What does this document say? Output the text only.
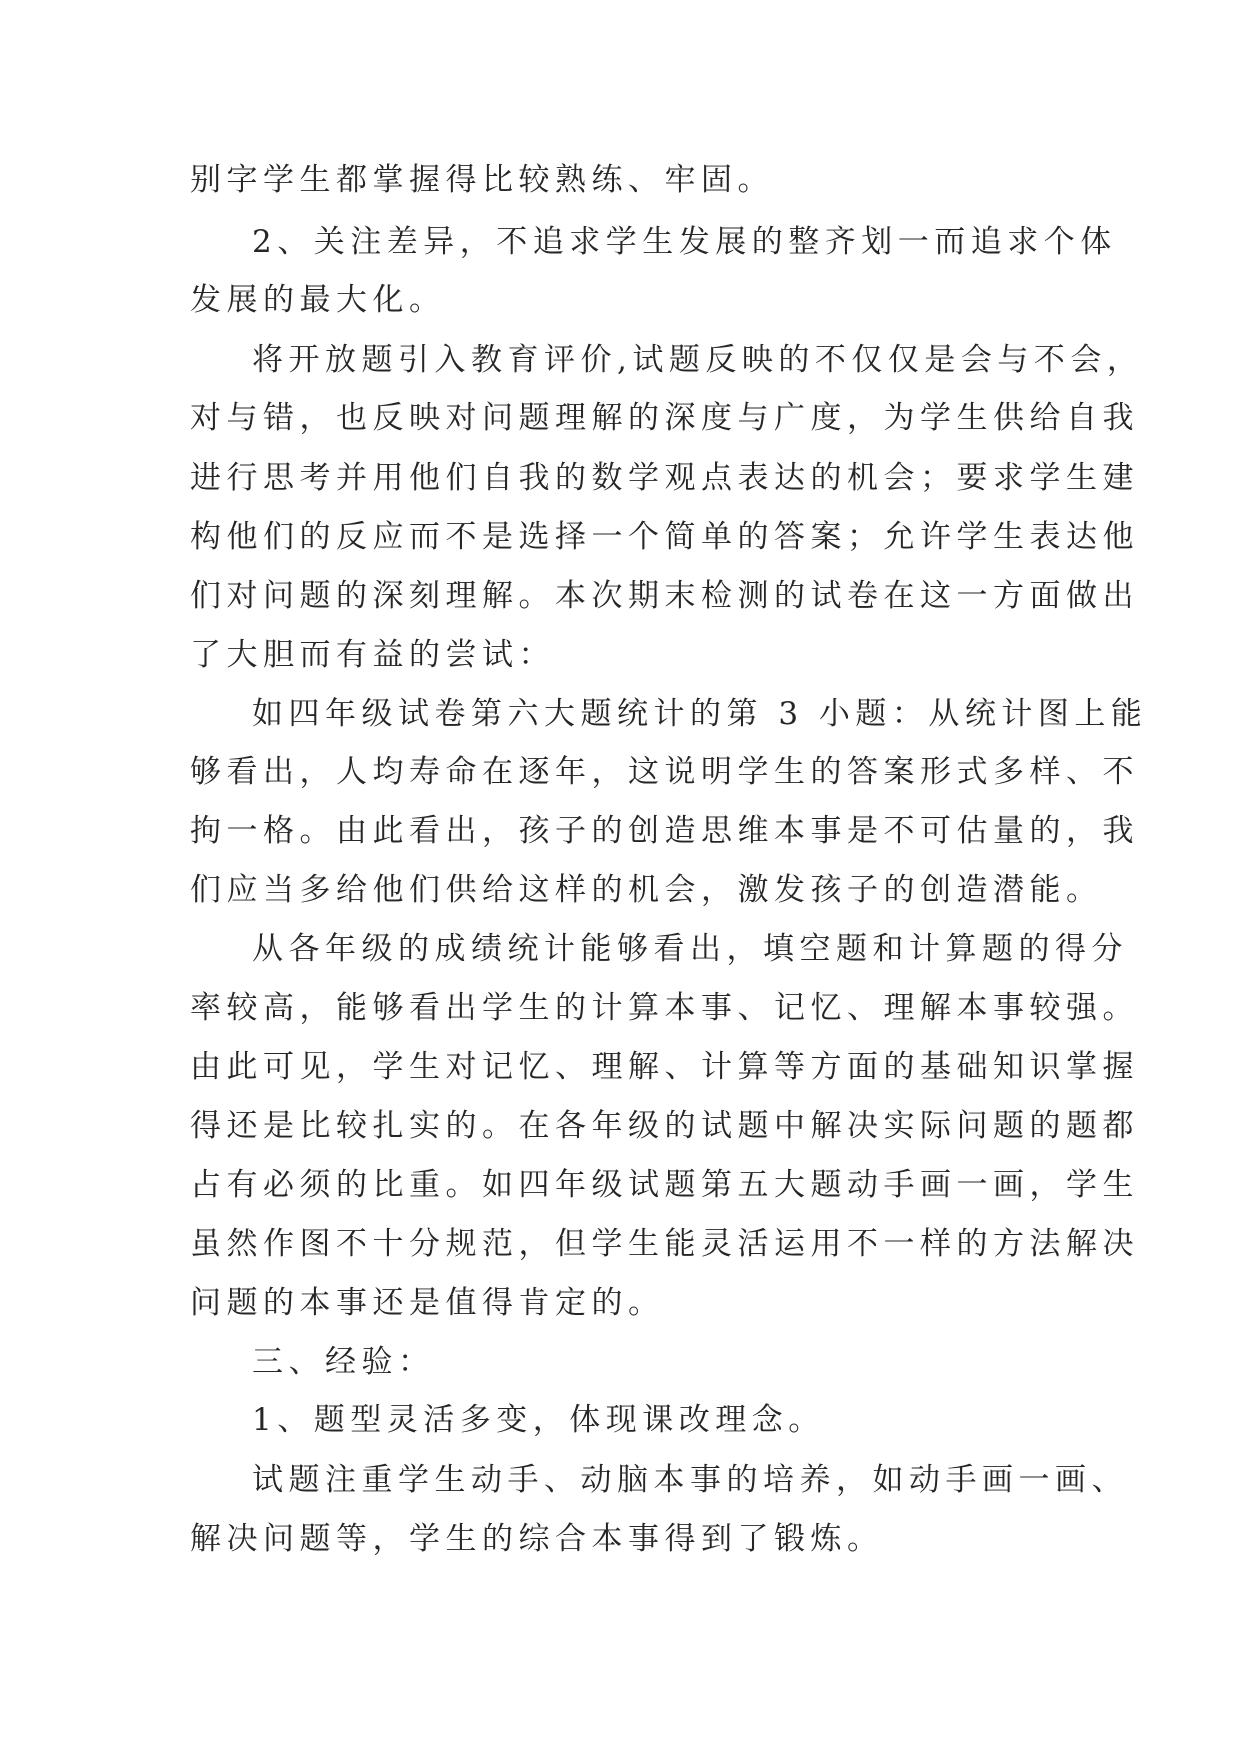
别字学生都掌握得比较熟练、牢固。
2、关注差异，不追求学生发展的整齐划一而追求个体
发展的最大化。
将开放题引入教育评价,试题反映的不仅仅是会与不会，
对与错，也反映对问题理解的深度与广度，为学生供给自我
进行思考并用他们自我的数学观点表达的机会；要求学生建
构他们的反应而不是选择一个简单的答案；允许学生表达他
们对问题的深刻理解。本次期末检测的试卷在这一方面做出
了大胆而有益的尝试：
如四年级试卷第六大题统计的第 3 小题：从统计图上能
够看出，人均寿命在逐年，这说明学生的答案形式多样、不
拘一格。由此看出，孩子的创造思维本事是不可估量的，我
们应当多给他们供给这样的机会，激发孩子的创造潜能。
从各年级的成绩统计能够看出，填空题和计算题的得分
率较高，能够看出学生的计算本事、记忆、理解本事较强。
由此可见，学生对记忆、理解、计算等方面的基础知识掌握
得还是比较扎实的。在各年级的试题中解决实际问题的题都
占有必须的比重。如四年级试题第五大题动手画一画，学生
虽然作图不十分规范，但学生能灵活运用不一样的方法解决
问题的本事还是值得肯定的。
三、经验：
1、题型灵活多变，体现课改理念。
试题注重学生动手、动脑本事的培养，如动手画一画、
解决问题等，学生的综合本事得到了锻炼。
